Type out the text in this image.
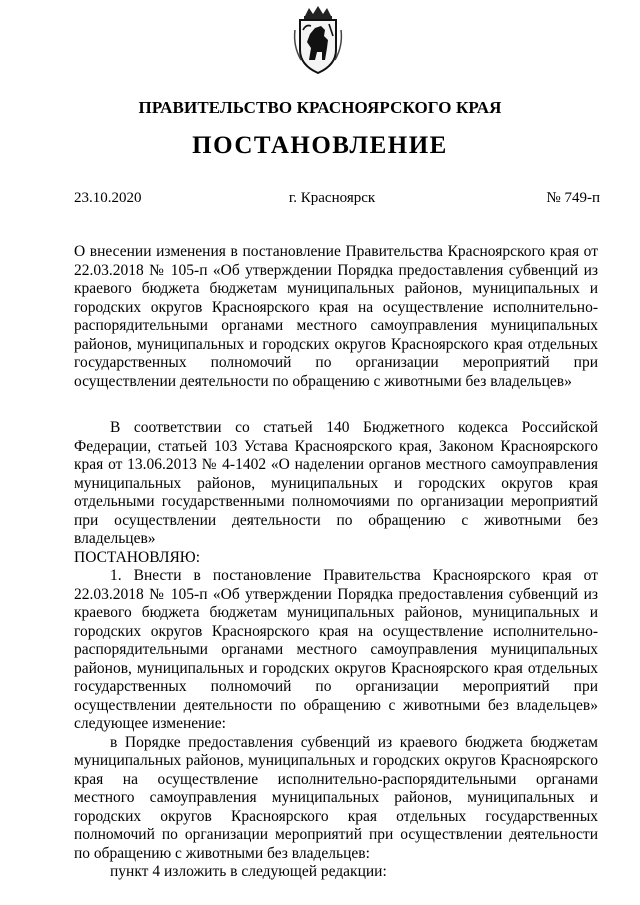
ПРАВИТЕЛЬСТВО КРАСНОЯРСКОГО КРАЯ
ПОСТАНОВЛЕНИЕ
23.10.2020	г. Красноярск	№ 749-п
О внесении изменения в постановление Правительства Красноярского края от 22.03.2018 № 105-п «Об утверждении Порядка предоставления субвенций из краевого бюджета бюджетам муниципальных районов, муниципальных и городских округов Красноярского края на осуществление исполнительно-распорядительными органами местного самоуправления муниципальных районов, муниципальных и городских округов Красноярского края отдельных государственных полномочий по организации мероприятий при осуществлении деятельности по обращению с животными без владельцев»

В соответствии со статьей 140 Бюджетного кодекса Российской Федерации, статьей 103 Устава Красноярского края, Законом Красноярского края от 13.06.2013 № 4-1402 «О наделении органов местного самоуправления муниципальных районов, муниципальных и городских округов края отдельными государственными полномочиями по организации мероприятий при осуществлении деятельности по обращению с животными без владельцев»

ПОСТАНОВЛЯЮ:

1. Внести в постановление Правительства Красноярского края от 22.03.2018 № 105-п «Об утверждении Порядка предоставления субвенций из краевого бюджета бюджетам муниципальных районов, муниципальных и городских округов Красноярского края на осуществление исполнительно-распорядительными органами местного самоуправления муниципальных районов, муниципальных и городских округов Красноярского края отдельных государственных полномочий по организации мероприятий при осуществлении деятельности по обращению с животными без владельцев» следующее изменение:

в Порядке предоставления субвенций из краевого бюджета бюджетам муниципальных районов, муниципальных и городских округов Красноярского края на осуществление исполнительно-распорядительными органами местного самоуправления муниципальных районов, муниципальных и городских округов Красноярского края отдельных государственных полномочий по организации мероприятий при осуществлении деятельности по обращению с животными без владельцев:

пункт 4 изложить в следующей редакции:
